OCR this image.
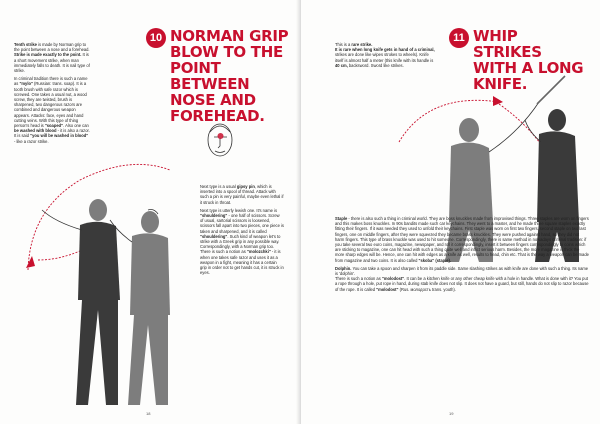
Tenth strike is made by Norman grip to the point between a nose and a forehead. Strike is made exactly to the point. It is a short movement strike, when man immediately falls to death. It is nail type of strike.

In criminal tradition there is such a name as "mylo" (Russian: trans. soap). It is a tooth brush with safe razor which is screwed. One takes a usual nut, a wood screw, they are twisted, brush is sharpened, two dangerous razors are combined and dangerous weapon appears. Attacks: face, eyes and hand cutting veins. With this type of thing person's head is "soaped". Also one can be washed with blood - it is also a razor. It is said "you will be washed in blood" - like a razor strike.

10 NORMAN GRIP BLOW TO THE POINT BETWEEN NOSE AND FOREHEAD.

Next type is a usual gipsy pin, which is inserted into a spool of thread. Attack with such a pin is very painful, maybe even lethal if it struck in throat.

Next type is utterly lewish one. It's name is "shouldering" - one half of scissors. Screw of usual, sartorial scissors is loosened, scissors fall apart into two pieces, one piece is taken and sharpened, and it is called "shouldering". Such kind of weapon let's to strike with a Greek grip in any possible way. Correspondingly, with a Norman grip too. There is such a notion as "molozchki" - it is when one takes safe razor and uses it as a weapon in a fight, meaning it has a certain grip in order not to get hands cut, it is struck in eyes.

18

This is a rare strike.
It is rare when long knife gets in hand of a criminal, strikes are done like wipes strokes to wheels). Knife itself is almost half a meter (this knife with its handle is 40 cm, backsword. Sword like strikes.

11 WHIP STRIKES WITH A LONG KNIFE.

Staple - there is also such a thing in criminal world. They are boss knuckles made from improvised things. Three staples are worn on fingers and this makes boss knuckles. In 90s bandits made such car keychains. They went to a master, and he made three square staples exactly fitting their fingers. If it was needed they used to unfold their keychains. First staple was worn on first two fingers, second staple on two last fingers, one on middle fingers, after they were squeezed they became brass knuckles. They were pushed against hand, so they did not harm fingers. This type of brass knuckle was used to hit someone. Correspondingly, there is same method in nowadays criminal tradition: if you take several two euro coins, magazine, newspaper, and roll it correspondingly, insert it between fingers correspondingly to coins which are sticking to magazine, one can hit head with such a thing quite well and inflict serious harm. Besides, the more magazine is thick the more sharp edges will be. Hence, one can hit with edges as a knife as well, results to head, chin etc. That is the way a weapon can be made from magazine and two coins. It is also called "skoba" (staple).

Dolphin. You can take a spoon and sharpen it from its paddle side. Same slashing strikes as with knife are done with such a thing. Its name is 'dolphin'.
There is such a notion as "molodost". It can be a kitchen knife or any other cheap knife with a hole in handle. What is done with it? You put a rope through a hole, put rope in hand, during stab knife does not slip. It does not have a guard, but still, hands do not slip to razor because of the rope. It is called "molodost" (Rus. молодость trans. youth).

19
